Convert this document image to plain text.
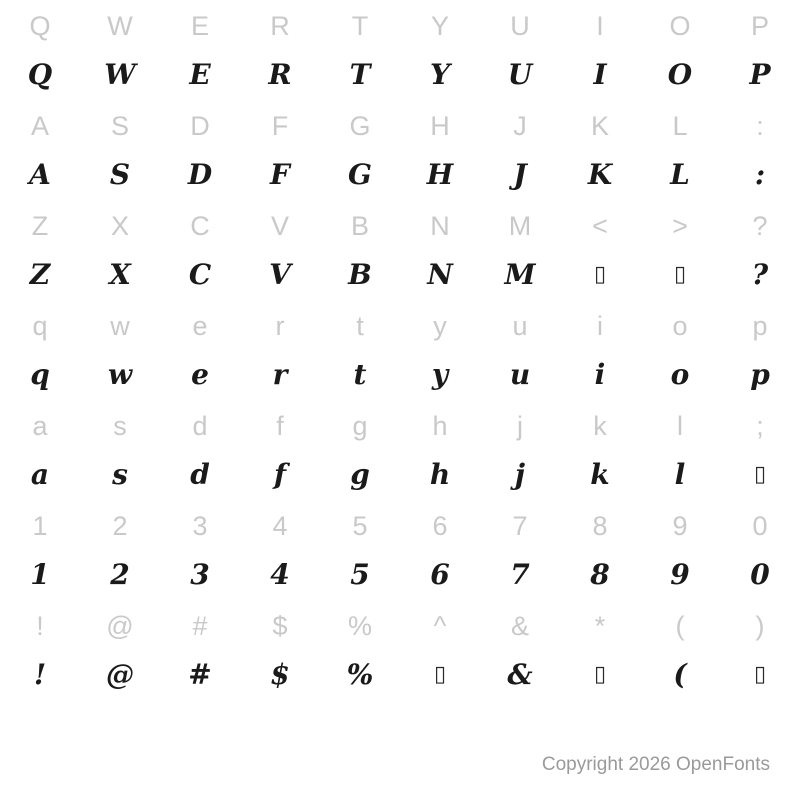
Q	W	E	R	T	Y	U	I	O	P
Q	W	E	R	T	Y	U	I	O	P
A	S	D	F	G	H	J	K	L	:
A	S	D	F	G	H	J	K	L	:
Z	X	C	V	B	N	M	<	>	?
Z	X	C	V	B	N	M	▯	▯	?
q	w	e	r	t	y	u	i	o	p
q	w	e	r	t	y	u	i	o	p
a	s	d	f	g	h	j	k	l	;
a	s	d	f	g	h	j	k	l	▯
1	2	3	4	5	6	7	8	9	0
1	2	3	4	5	6	7	8	9	0
!	@	#	$	%	^	&	*	(	)
!	@	#	$	%	▯	&	▯	(	▯
Copyright 2026 OpenFonts
